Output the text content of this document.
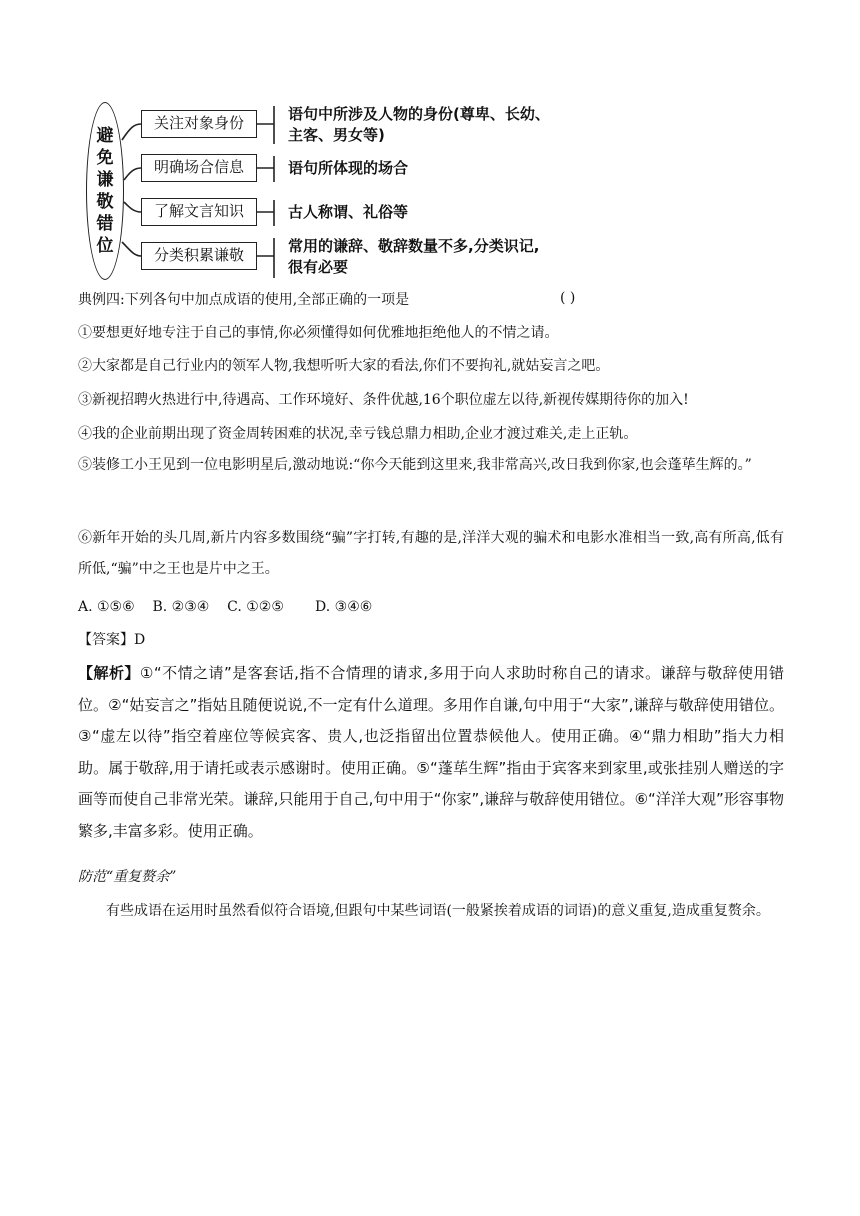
避
免
谦
敬
错
位
关注对象身份
明确场合信息
了解文言知识
分类积累谦敬
语句中所涉及人物的身份(尊卑、长幼、
主客、男女等)
语句所体现的场合
古人称谓、礼俗等
常用的谦辞、敬辞数量不多,分类识记,
很有必要
典例四:下列各句中加点成语的使用,全部正确的一项是	( )
①要想更好地专注于自己的事情,你必须懂得如何优雅地拒绝他人的不情之请。
②大家都是自己行业内的领军人物,我想听听大家的看法,你们不要拘礼,就姑妄言之吧。
③新视招聘火热进行中,待遇高、工作环境好、条件优越,16个职位虚左以待,新视传媒期待你的加入!
④我的企业前期出现了资金周转困难的状况,幸亏钱总鼎力相助,企业才渡过难关,走上正轨。
⑤装修工小王见到一位电影明星后,激动地说:“你今天能到这里来,我非常高兴,改日我到你家,也会蓬荜生辉的。”
⑥新年开始的头几周,新片内容多数围绕“骗”字打转,有趣的是,洋洋大观的骗术和电影水准相当一致,高有所高,低有所低,“骗”中之王也是片中之王。
A. ①⑤⑥    B. ②③④    C. ①②⑤       D. ③④⑥
【答案】D
【解析】①“不情之请”是客套话,指不合情理的请求,多用于向人求助时称自己的请求。谦辞与敬辞使用错位。②“姑妄言之”指姑且随便说说,不一定有什么道理。多用作自谦,句中用于“大家”,谦辞与敬辞使用错位。③“虚左以待”指空着座位等候宾客、贵人,也泛指留出位置恭候他人。使用正确。④“鼎力相助”指大力相助。属于敬辞,用于请托或表示感谢时。使用正确。⑤“蓬荜生辉”指由于宾客来到家里,或张挂别人赠送的字画等而使自己非常光荣。谦辞,只能用于自己,句中用于“你家”,谦辞与敬辞使用错位。⑥“洋洋大观”形容事物繁多,丰富多彩。使用正确。
防范“重复赘余”
有些成语在运用时虽然看似符合语境,但跟句中某些词语(一般紧挨着成语的词语)的意义重复,造成重复赘余。
